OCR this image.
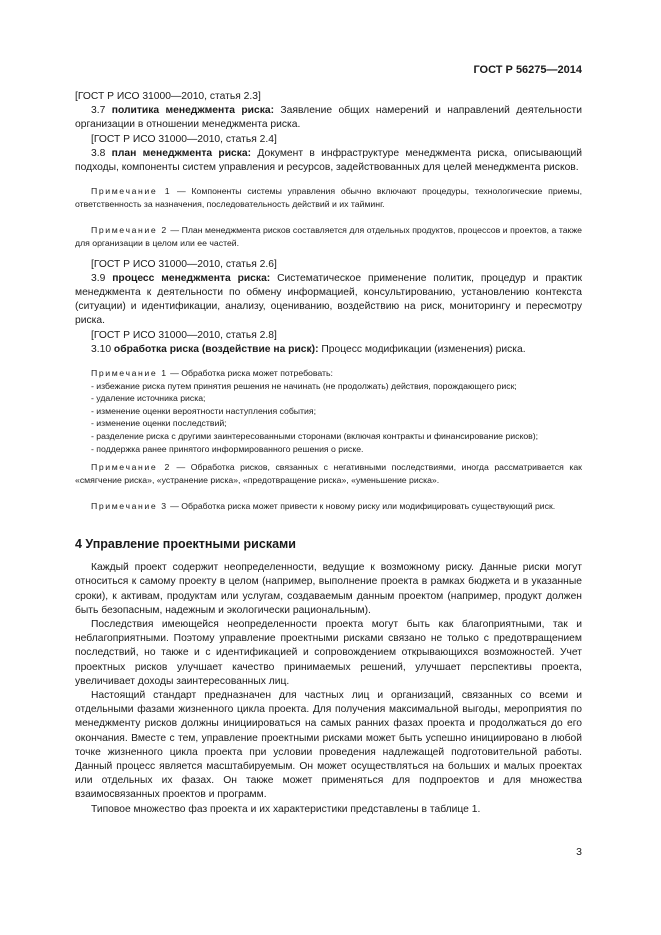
ГОСТ Р 56275—2014

[ГОСТ Р ИСО 31000—2010, статья 2.3]

3.7 политика менеджмента риска: Заявление общих намерений и направлений деятельности организации в отношении менеджмента риска.

[ГОСТ Р ИСО 31000—2010, статья 2.4]

3.8 план менеджмента риска: Документ в инфраструктуре менеджмента риска, описывающий подходы, компоненты систем управления и ресурсов, задействованных для целей менеджмента рисков.

Примечание 1 — Компоненты системы управления обычно включают процедуры, технологические приемы, ответственность за назначения, последовательность действий и их тайминг.

Примечание 2 — План менеджмента рисков составляется для отдельных продуктов, процессов и проектов, а также для организации в целом или ее частей.

[ГОСТ Р ИСО 31000—2010, статья 2.6]

3.9 процесс менеджмента риска: Систематическое применение политик, процедур и практик менеджмента к деятельности по обмену информацией, консультированию, установлению контекста (ситуации) и идентификации, анализу, оцениванию, воздействию на риск, мониторингу и пересмотру риска.

[ГОСТ Р ИСО 31000—2010, статья 2.8]

3.10 обработка риска (воздействие на риск): Процесс модификации (изменения) риска.

Примечание 1 — Обработка риска может потребовать:

- избежание риска путем принятия решения не начинать (не продолжать) действия, порождающего риск;

- удаление источника риска;

- изменение оценки вероятности наступления события;

- изменение оценки последствий;

- разделение риска с другими заинтересованными сторонами (включая контракты и финансирование рисков);

- поддержка ранее принятого информированного решения о риске.

Примечание 2 — Обработка рисков, связанных с негативными последствиями, иногда рассматривается как «смягчение риска», «устранение риска», «предотвращение риска», «уменьшение риска».

Примечание 3 — Обработка риска может привести к новому риску или модифицировать существующий риск.

4 Управление проектными рисками

Каждый проект содержит неопределенности, ведущие к возможному риску. Данные риски могут относиться к самому проекту в целом (например, выполнение проекта в рамках бюджета и в указанные сроки), к активам, продуктам или услугам, создаваемым данным проектом (например, продукт должен быть безопасным, надежным и экологически рациональным).

Последствия имеющейся неопределенности проекта могут быть как благоприятными, так и неблагоприятными. Поэтому управление проектными рисками связано не только с предотвращением последствий, но также и с идентификацией и сопровождением открывающихся возможностей. Учет проектных рисков улучшает качество принимаемых решений, улучшает перспективы проекта, увеличивает доходы заинтересованных лиц.

Настоящий стандарт предназначен для частных лиц и организаций, связанных со всеми и отдельными фазами жизненного цикла проекта. Для получения максимальной выгоды, мероприятия по менеджменту рисков должны инициироваться на самых ранних фазах проекта и продолжаться до его окончания. Вместе с тем, управление проектными рисками может быть успешно инициировано в любой точке жизненного цикла проекта при условии проведения надлежащей подготовительной работы. Данный процесс является масштабируемым. Он может осуществляться на больших и малых проектах или отдельных их фазах. Он также может применяться для подпроектов и для множества взаимосвязанных проектов и программ.

Типовое множество фаз проекта и их характеристики представлены в таблице 1.

3
